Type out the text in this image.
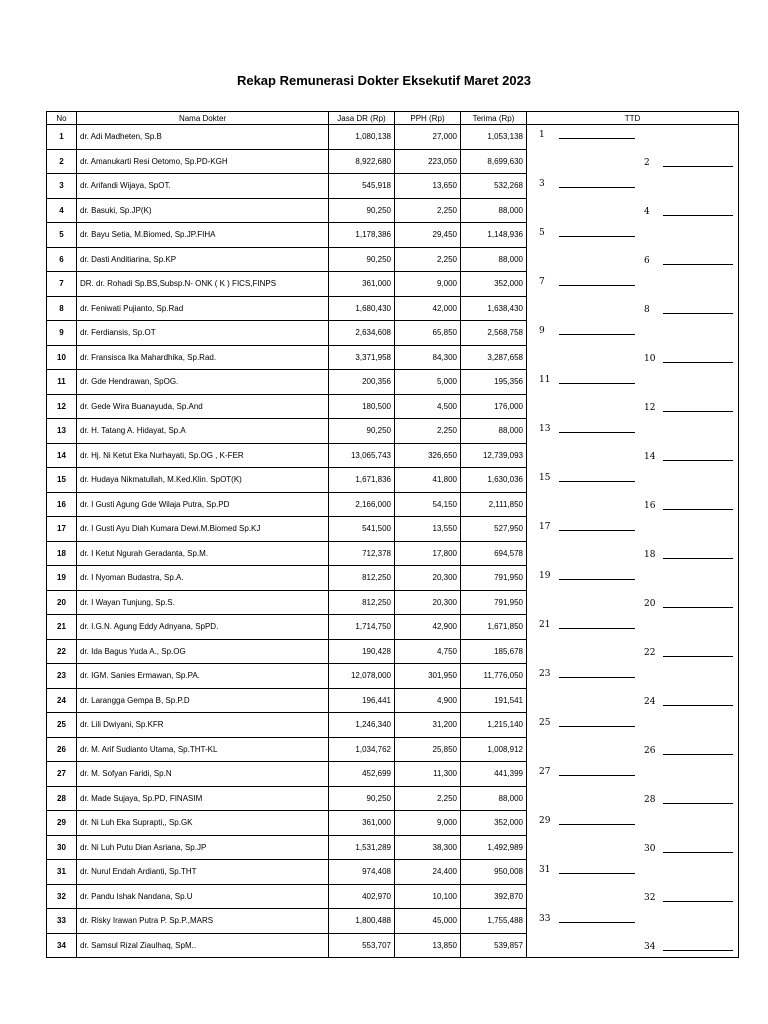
Rekap Remunerasi Dokter Eksekutif Maret 2023
No	Nama Dokter	Jasa DR (Rp)	PPH (Rp)	Terima (Rp)	TTD
1	dr. Adi Madheten, Sp.B	1,080,138	27,000	1,053,138	1

2	dr. Amanukarti Resi Oetomo, Sp.PD-KGH	8,922,680	223,050	8,699,630	2

3	dr. Arifandi Wijaya, SpOT.	545,918	13,650	532,268	3

4	dr. Basuki, Sp.JP(K)	90,250	2,250	88,000	4

5	dr. Bayu Setia, M.Biomed, Sp.JP.FIHA	1,178,386	29,450	1,148,936	5

6	dr. Dasti Anditiarina, Sp.KP	90,250	2,250	88,000	6

7	DR. dr. Rohadi Sp.BS,Subsp.N- ONK ( K ) FICS,FINPS	361,000	9,000	352,000	7

8	dr. Feniwati Pujianto, Sp.Rad	1,680,430	42,000	1,638,430	8

9	dr. Ferdiansis, Sp.OT	2,634,608	65,850	2,568,758	9

10	dr. Fransisca Ika Mahardhika, Sp.Rad.	3,371,958	84,300	3,287,658	10

11	dr. Gde Hendrawan, SpOG.	200,356	5,000	195,356	11

12	dr. Gede Wira Buanayuda, Sp.And	180,500	4,500	176,000	12

13	dr. H. Tatang A. Hidayat, Sp.A	90,250	2,250	88,000	13

14	dr. Hj. Ni Ketut Eka Nurhayati, Sp.OG , K-FER	13,065,743	326,650	12,739,093	14

15	dr. Hudaya Nikmatullah, M.Ked.Klin. SpOT(K)	1,671,836	41,800	1,630,036	15

16	dr. I Gusti Agung Gde Wilaja Putra, Sp.PD	2,166,000	54,150	2,111,850	16

17	dr. I Gusti Ayu Diah Kumara Dewi.M.Biomed Sp.KJ	541,500	13,550	527,950	17

18	dr. I Ketut Ngurah Geradanta, Sp.M.	712,378	17,800	694,578	18

19	dr. I Nyoman Budastra, Sp.A.	812,250	20,300	791,950	19

20	dr. I Wayan Tunjung, Sp.S.	812,250	20,300	791,950	20

21	dr. I.G.N. Agung Eddy Adnyana, SpPD.	1,714,750	42,900	1,671,850	21

22	dr. Ida Bagus Yuda A., Sp.OG	190,428	4,750	185,678	22

23	dr. IGM. Sanies Ermawan, Sp.PA.	12,078,000	301,950	11,776,050	23

24	dr. Larangga Gempa B, Sp.P.D	196,441	4,900	191,541	24

25	dr. Lili Dwiyani, Sp.KFR	1,246,340	31,200	1,215,140	25

26	dr. M. Arif Sudianto Utama, Sp.THT-KL	1,034,762	25,850	1,008,912	26

27	dr. M. Sofyan Faridi, Sp.N	452,699	11,300	441,399	27

28	dr. Made Sujaya, Sp.PD, FINASIM	90,250	2,250	88,000	28

29	dr. Ni Luh Eka Suprapti,, Sp.GK	361,000	9,000	352,000	29

30	dr. Ni Luh Putu Dian Asriana, Sp.JP	1,531,289	38,300	1,492,989	30

31	dr. Nurul Endah Ardianti, Sp.THT	974,408	24,400	950,008	31

32	dr. Pandu Ishak Nandana, Sp.U	402,970	10,100	392,870	32

33	dr. Risky Irawan Putra P. Sp.P.,MARS	1,800,488	45,000	1,755,488	33

34	dr. Samsul Rizal Ziaulhaq, SpM..	553,707	13,850	539,857	34
